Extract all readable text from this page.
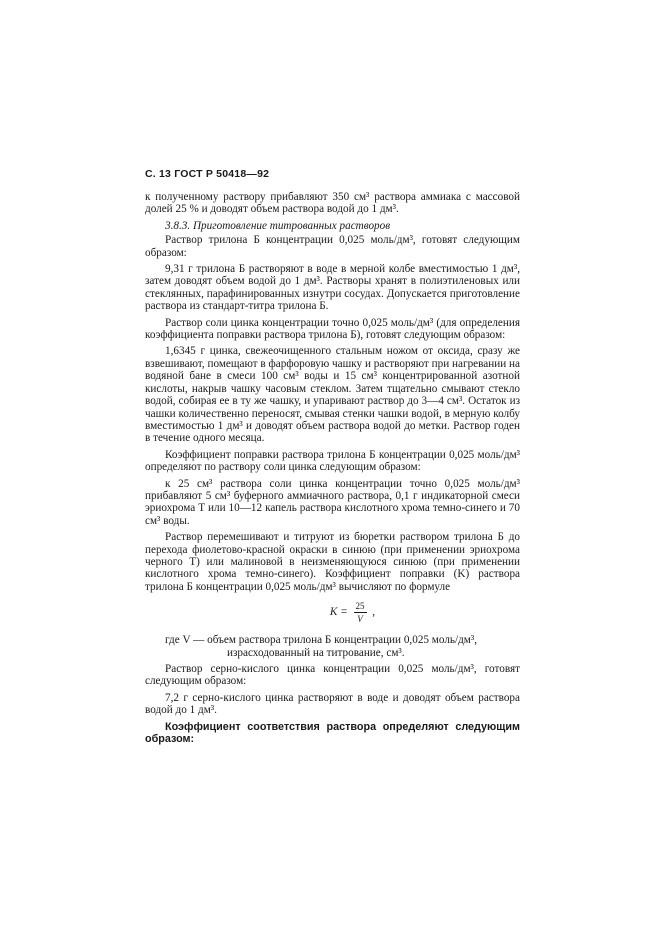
С. 13 ГОСТ Р 50418—92

к полученному раствору прибавляют 350 см³ раствора аммиака с массовой долей 25 % и доводят объем раствора водой до 1 дм³.

3.8.3. Приготовление титрованных растворов

Раствор трилона Б концентрации 0,025 моль/дм³, готовят следующим образом:

9,31 г трилона Б растворяют в воде в мерной колбе вместимостью 1 дм³, затем доводят объем водой до 1 дм³. Растворы хранят в полиэтиленовых или стеклянных, парафинированных изнутри сосудах. Допускается приготовление раствора из стандарт-титра трилона Б.

Раствор соли цинка концентрации точно 0,025 моль/дм³ (для определения коэффициента поправки раствора трилона Б), готовят следующим образом:

1,6345 г цинка, свежеочищенного стальным ножом от оксида, сразу же взвешивают, помещают в фарфоровую чашку и растворяют при нагревании на водяной бане в смеси 100 см³ воды и 15 см³ концентрированной азотной кислоты, накрыв чашку часовым стеклом. Затем тщательно смывают стекло водой, собирая ее в ту же чашку, и упаривают раствор до 3—4 см³. Остаток из чашки количественно переносят, смывая стенки чашки водой, в мерную колбу вместимостью 1 дм³ и доводят объем раствора водой до метки. Раствор годен в течение одного месяца.

Коэффициент поправки раствора трилона Б концентрации 0,025 моль/дм³ определяют по раствору соли цинка следующим образом:

к 25 см³ раствора соли цинка концентрации точно 0,025 моль/дм³ прибавляют 5 см³ буферного аммиачного раствора, 0,1 г индикаторной смеси эриохрома Т или 10—12 капель раствора кислотного хрома темно-синего и 70 см³ воды.

Раствор перемешивают и титруют из бюретки раствором трилона Б до перехода фиолетово-красной окраски в синюю (при применении эриохрома черного Т) или малиновой в неизменяющуюся синюю (при применении кислотного хрома темно-синего). Коэффициент поправки (K) раствора трилона Б концентрации 0,025 моль/дм³ вычисляют по формуле

$K = \frac{25}{V}$ ,

где V — объем раствора трилона Б концентрации 0,025 моль/дм³,
израсходованный на титрование, см³.

Раствор серно-кислого цинка концентрации 0,025 моль/дм³, готовят следующим образом:

7,2 г серно-кислого цинка растворяют в воде и доводят объем раствора водой до 1 дм³.

Коэффициент соответствия раствора определяют следующим образом:
